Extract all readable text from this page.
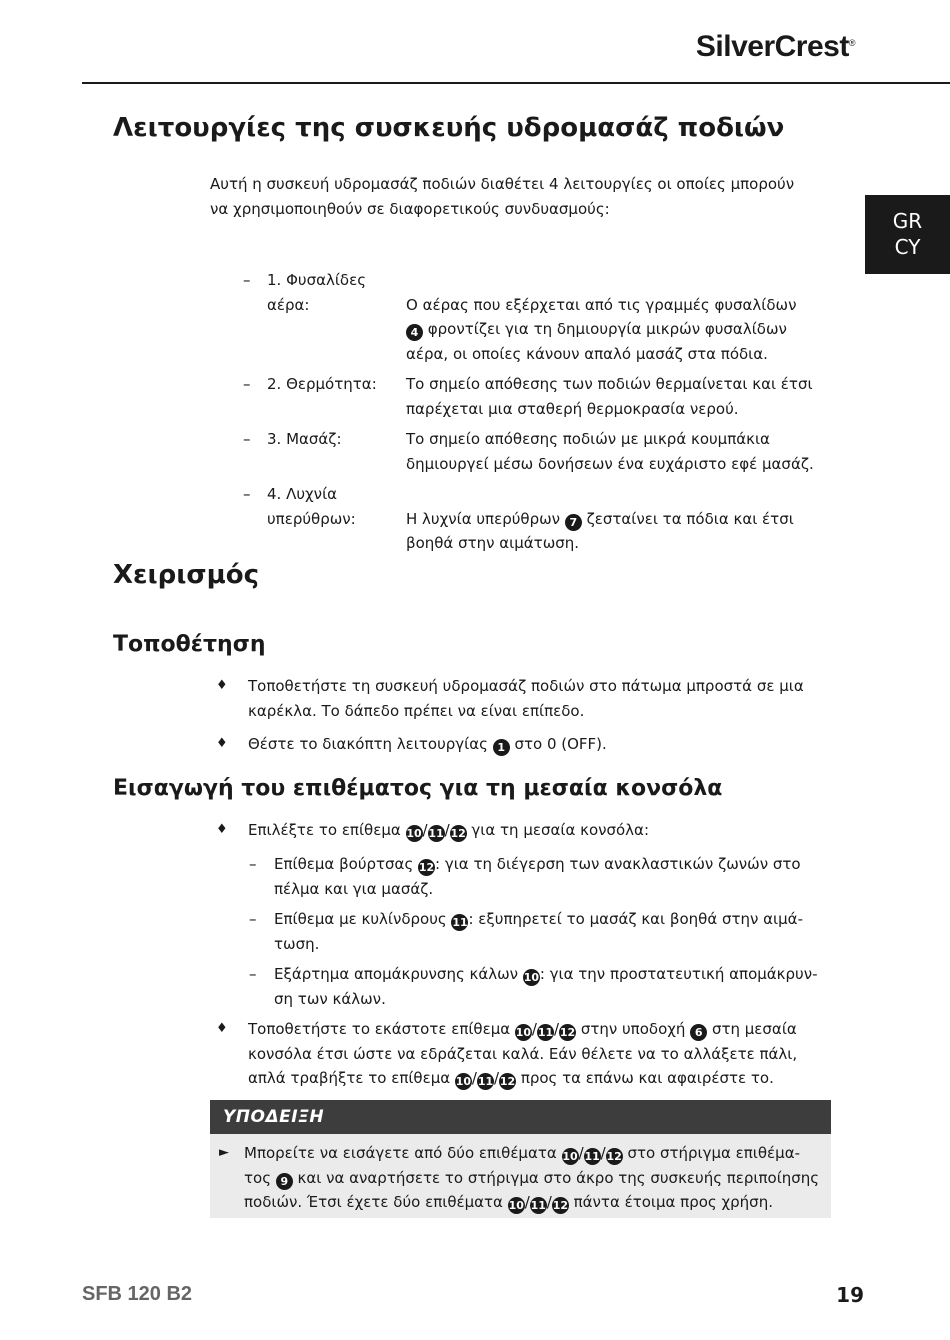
SilverCrest®
GR
CY
Λειτουργίες της συσκευής υδρομασάζ ποδιών
Αυτή η συσκευή υδρομασάζ ποδιών διαθέτει 4 λειτουργίες οι οποίες μπορούν
να χρησιμοποιηθούν σε διαφορετικούς συνδυασμούς:
– 1. Φυσαλίδες
αέρα:	Ο αέρας που εξέρχεται από τις γραμμές φυσαλίδων
4 φροντίζει για τη δημιουργία μικρών φυσαλίδων
αέρα, οι οποίες κάνουν απαλό μασάζ στα πόδια.
– 2. Θερμότητα: Το σημείο απόθεσης των ποδιών θερμαίνεται και έτσι
παρέχεται μια σταθερή θερμοκρασία νερού.
– 3. Μασάζ:	Το σημείο απόθεσης ποδιών με μικρά κουμπάκια
δημιουργεί μέσω δονήσεων ένα ευχάριστο εφέ μασάζ.
– 4. Λυχνία
υπερύθρων:	Η λυχνία υπερύθρων 7 ζεσταίνει τα πόδια και έτσι
βοηθά στην αιμάτωση.
Χειρισμός
Τοποθέτηση
♦ Τοποθετήστε τη συσκευή υδρομασάζ ποδιών στο πάτωμα μπροστά σε μια
καρέκλα. Το δάπεδο πρέπει να είναι επίπεδο.
♦ Θέστε το διακόπτη λειτουργίας 1 στο 0 (OFF).
Εισαγωγή του επιθέματος για τη μεσαία κονσόλα
♦ Επιλέξτε το επίθεμα 10/11/12 για τη μεσαία κονσόλα:
– Επίθεμα βούρτσας 12: για τη διέγερση των ανακλαστικών ζωνών στο
πέλμα και για μασάζ.
– Επίθεμα με κυλίνδρους 11: εξυπηρετεί το μασάζ και βοηθά στην αιμά-
τωση.
– Εξάρτημα απομάκρυνσης κάλων 10: για την προστατευτική απομάκρυν-
ση των κάλων.
♦ Τοποθετήστε το εκάστοτε επίθεμα 10/11/12 στην υποδοχή 6 στη μεσαία
κονσόλα έτσι ώστε να εδράζεται καλά. Εάν θέλετε να το αλλάξετε πάλι,
απλά τραβήξτε το επίθεμα 10/11/12 προς τα επάνω και αφαιρέστε το.
ΥΠΟΔΕΙΞΗ
► Μπορείτε να εισάγετε από δύο επιθέματα 10/11/12 στο στήριγμα επιθέμα-
τος 9 και να αναρτήσετε το στήριγμα στο άκρο της συσκευής περιποίησης
ποδιών. Έτσι έχετε δύο επιθέματα 10/11/12 πάντα έτοιμα προς χρήση.
SFB 120 B2	19
